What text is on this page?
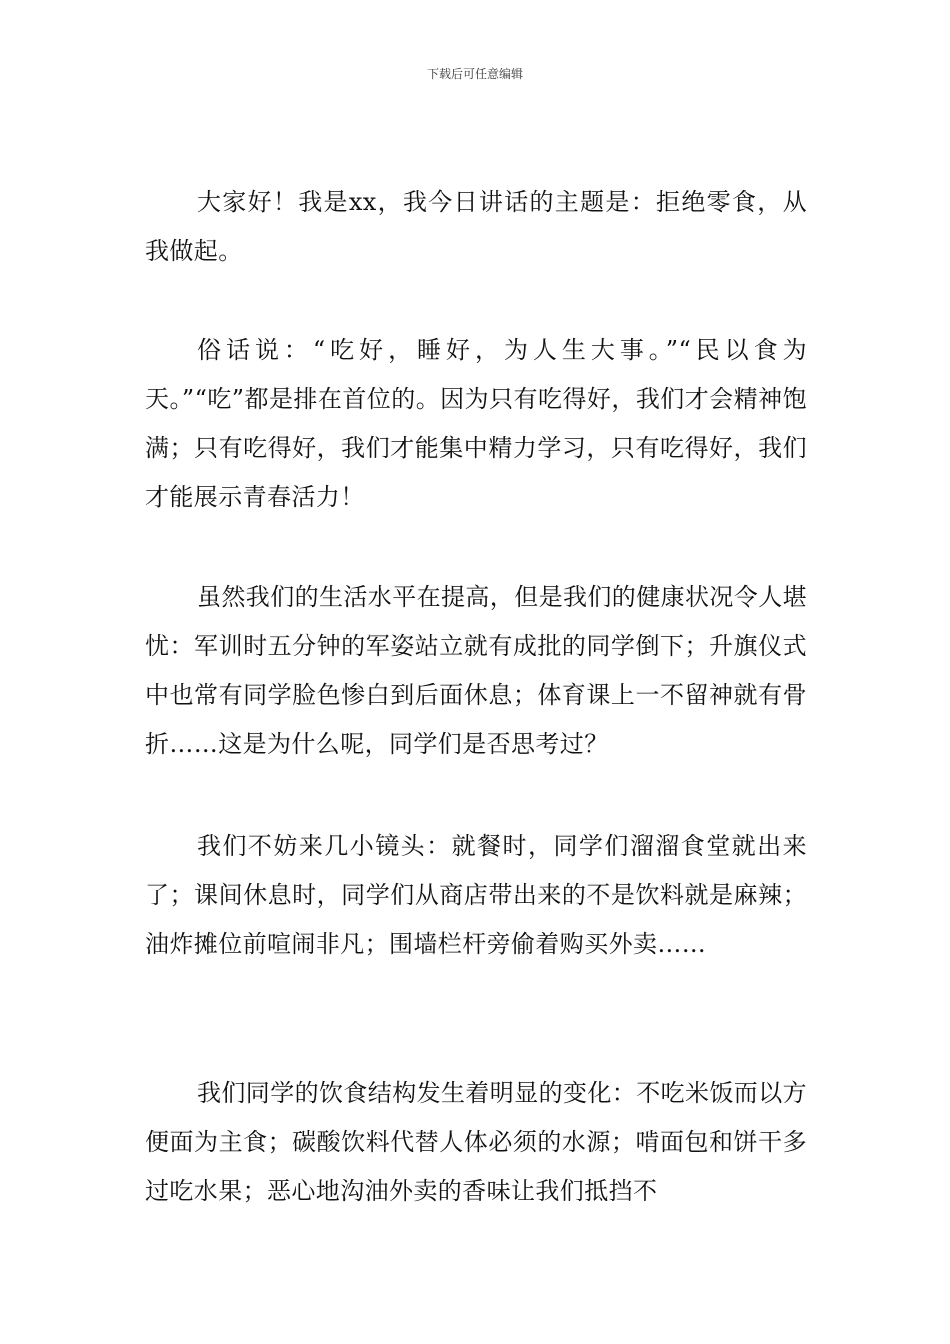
下载后可任意编辑

大家好！我是xx，我今日讲话的主题是：拒绝零食，从我做起。

俗话说：“吃好，睡好，为人生大事。”“民以食为天。”“吃”都是排在首位的。因为只有吃得好，我们才会精神饱满；只有吃得好，我们才能集中精力学习，只有吃得好，我们才能展示青春活力！

虽然我们的生活水平在提高，但是我们的健康状况令人堪忧：军训时五分钟的军姿站立就有成批的同学倒下；升旗仪式中也常有同学脸色惨白到后面休息；体育课上一不留神就有骨折……这是为什么呢，同学们是否思考过？

我们不妨来几小镜头：就餐时，同学们溜溜食堂就出来了；课间休息时，同学们从商店带出来的不是饮料就是麻辣；油炸摊位前喧闹非凡；围墙栏杆旁偷着购买外卖……

我们同学的饮食结构发生着明显的变化：不吃米饭而以方便面为主食；碳酸饮料代替人体必须的水源；啃面包和饼干多过吃水果；恶心地沟油外卖的香味让我们抵挡不
